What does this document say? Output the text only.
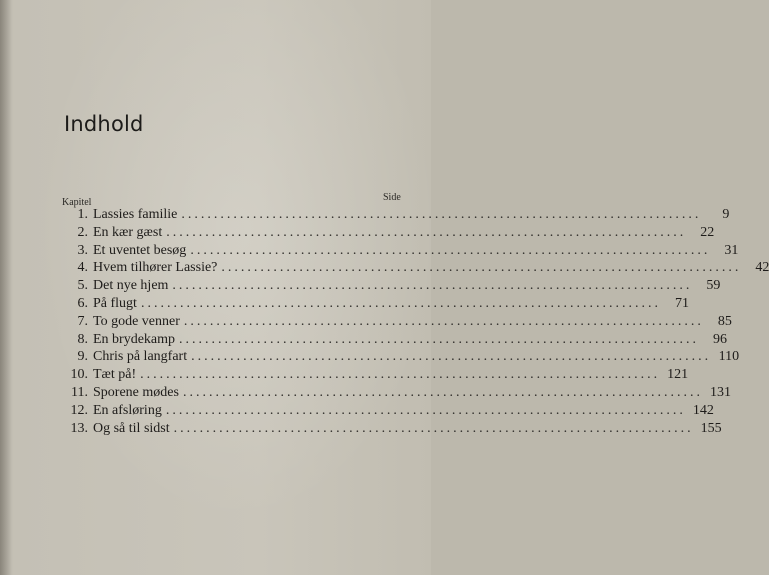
Indhold
Kapitel	Side
1. Lassies familie ................................................................................	9
2. En kær gæst ................................................................................	22
3. Et uventet besøg ................................................................................	31
4. Hvem tilhører Lassie? ................................................................................	42
5. Det nye hjem ................................................................................	59
6. På flugt ................................................................................	71
7. To gode venner ................................................................................	85
8. En brydekamp ................................................................................	96
9. Chris på langfart ................................................................................ 110
10. Tæt på! ................................................................................ 121
11. Sporene mødes ................................................................................ 131
12. En afsløring ................................................................................ 142
13. Og så til sidst ................................................................................ 155
